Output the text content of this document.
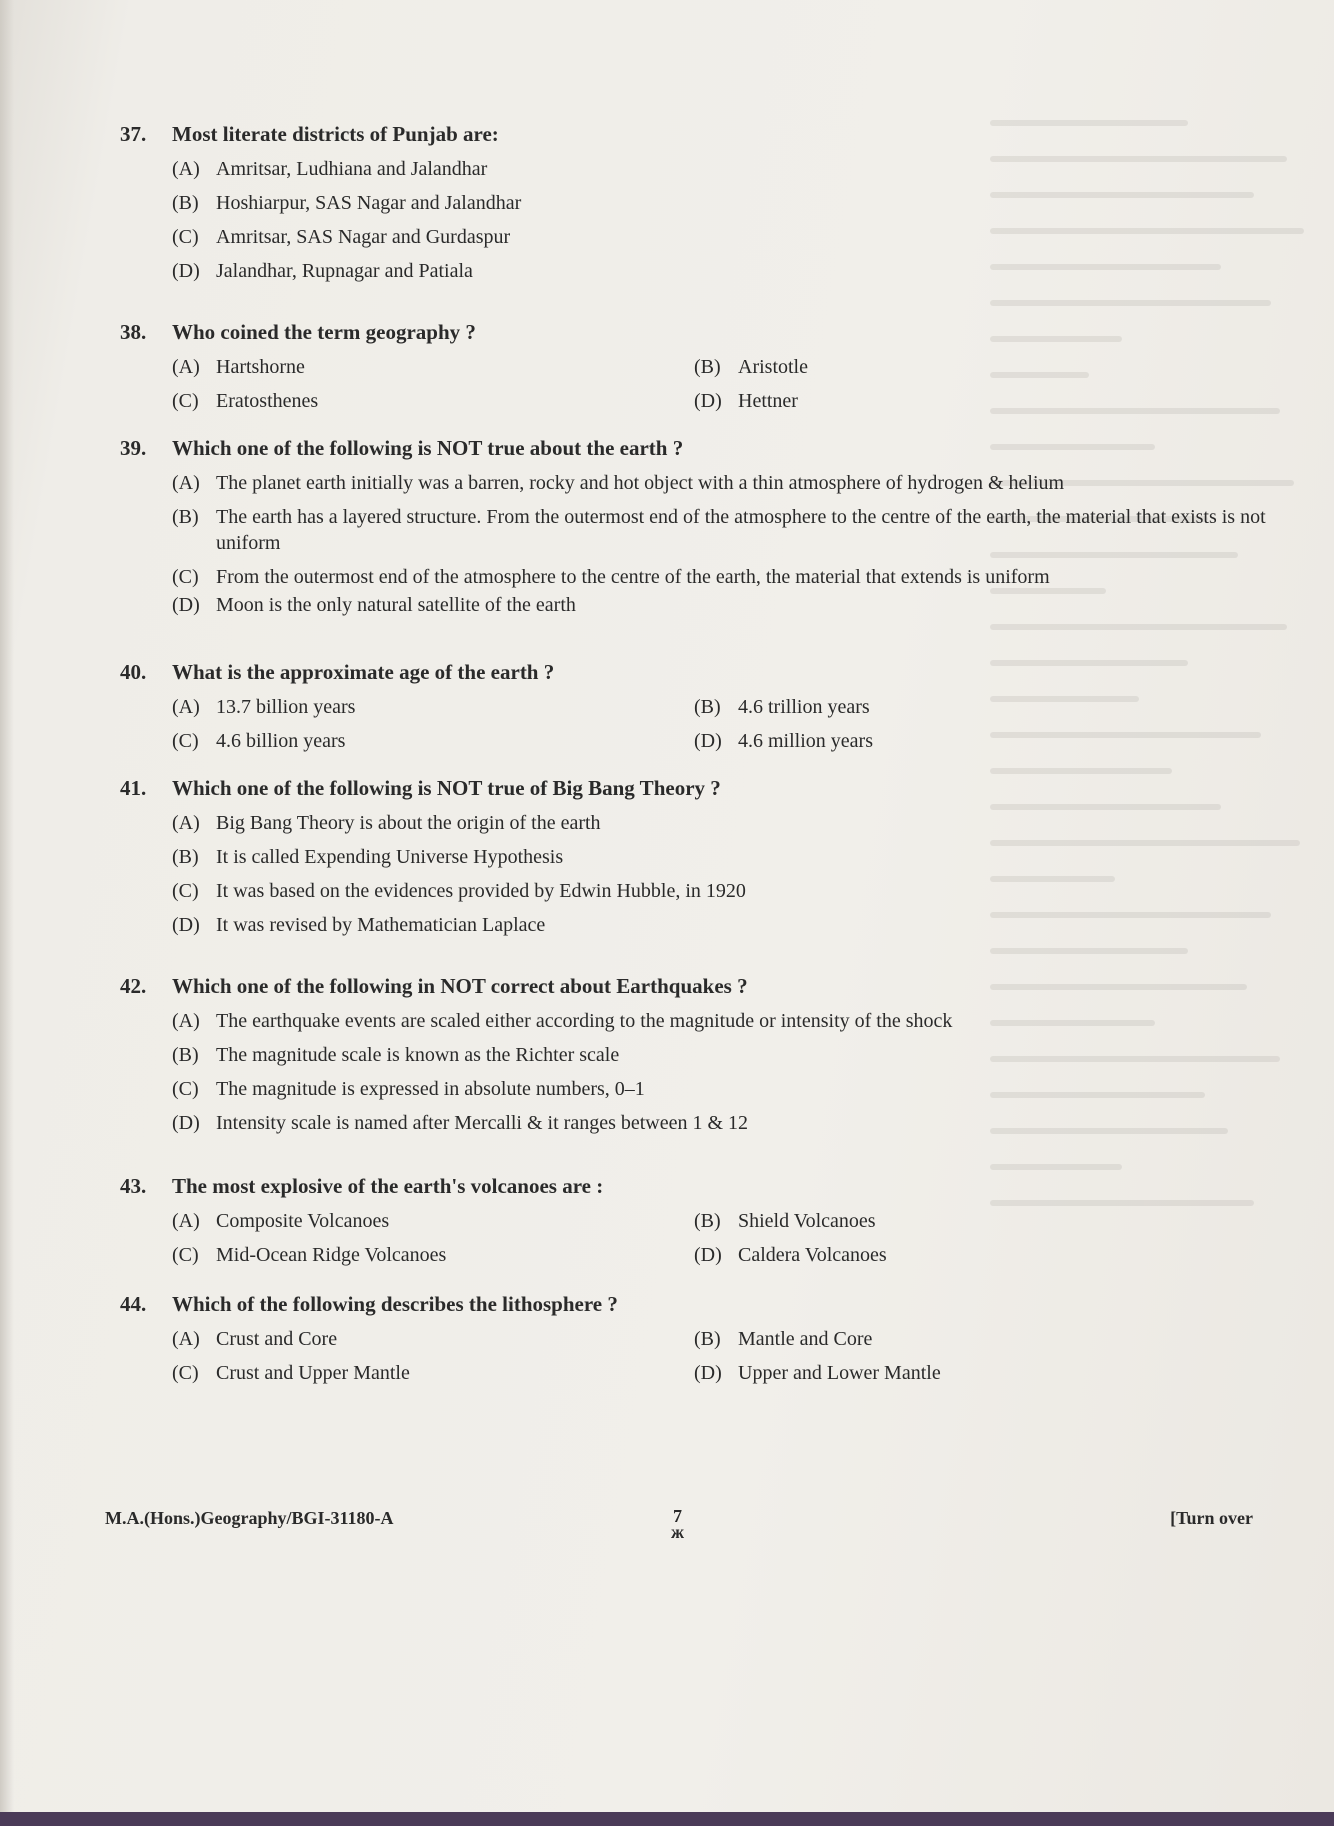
37.	Most literate districts of Punjab are:
(A) Amritsar, Ludhiana and Jalandhar
(B) Hoshiarpur, SAS Nagar and Jalandhar
(C) Amritsar, SAS Nagar and Gurdaspur
(D) Jalandhar, Rupnagar and Patiala
38.	Who coined the term geography ?
(A) Hartshorne	(B) Aristotle
(C) Eratosthenes	(D) Hettner
39.	Which one of the following is NOT true about the earth ?
(A) The planet earth initially was a barren, rocky and hot object with a thin atmosphere of hydrogen & helium
(B) The earth has a layered structure. From the outermost end of the atmosphere to the centre of the earth, the material that exists is not uniform
(C) From the outermost end of the atmosphere to the centre of the earth, the material that extends is uniform
(D) Moon is the only natural satellite of the earth
40.	What is the approximate age of the earth ?
(A) 13.7 billion years	(B) 4.6 trillion years
(C) 4.6 billion years	(D) 4.6 million years
41.	Which one of the following is NOT true of Big Bang Theory ?
(A) Big Bang Theory is about the origin of the earth
(B) It is called Expending Universe Hypothesis
(C) It was based on the evidences provided by Edwin Hubble, in 1920
(D) It was revised by Mathematician Laplace
42.	Which one of the following in NOT correct about Earthquakes ?
(A) The earthquake events are scaled either according to the magnitude or intensity of the shock
(B) The magnitude scale is known as the Richter scale
(C) The magnitude is expressed in absolute numbers, 0–1
(D) Intensity scale is named after Mercalli & it ranges between 1 & 12
43.	The most explosive of the earth's volcanoes are :
(A) Composite Volcanoes	(B) Shield Volcanoes
(C) Mid-Ocean Ridge Volcanoes	(D) Caldera Volcanoes
44.	Which of the following describes the lithosphere ?
(A) Crust and Core	(B) Mantle and Core
(C) Crust and Upper Mantle	(D) Upper and Lower Mantle
M.A.(Hons.)Geography/BGI-31180-A	7
ж
[Turn over
